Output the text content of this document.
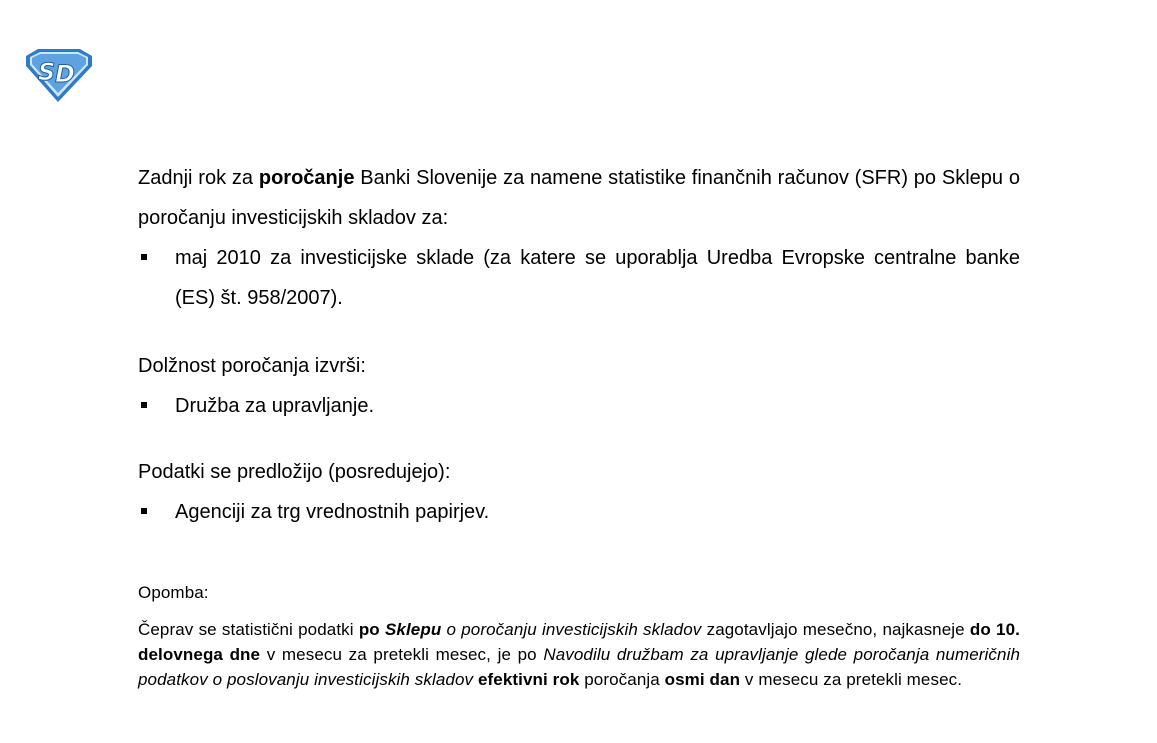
S D

Zadnji rok za poročanje Banki Slovenije za namene statistike finančnih računov (SFR) po Sklepu o poročanju investicijskih skladov za:

maj 2010 za investicijske sklade (za katere se uporablja Uredba Evropske centralne banke (ES) št. 958/2007).

Dolžnost poročanja izvrši:

Družba za upravljanje.

Podatki se predložijo (posredujejo):

Agenciji za trg vrednostnih papirjev.

Opomba:
Čeprav se statistični podatki po Sklepu o poročanju investicijskih skladov zagotavljajo mesečno, najkasneje do 10. delovnega dne v mesecu za pretekli mesec, je po Navodilu družbam za upravljanje glede poročanja numeričnih podatkov o poslovanju investicijskih skladov efektivni rok poročanja osmi dan v mesecu za pretekli mesec.
